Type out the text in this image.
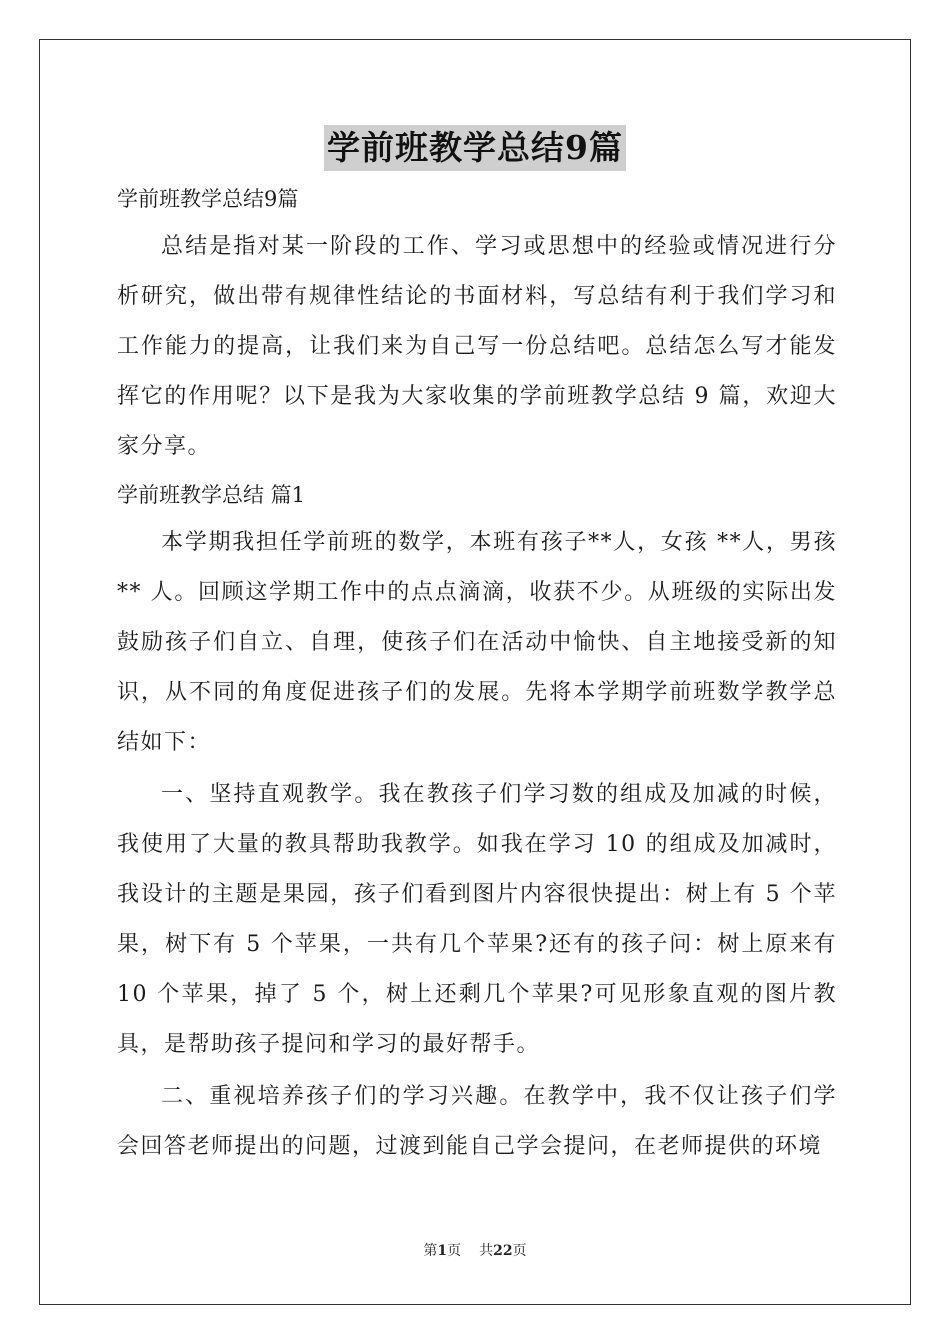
学前班教学总结9篇

学前班教学总结9篇

总结是指对某一阶段的工作、学习或思想中的经验或情况进行分析研究，做出带有规律性结论的书面材料，写总结有利于我们学习和工作能力的提高，让我们来为自己写一份总结吧。总结怎么写才能发挥它的作用呢？以下是我为大家收集的学前班教学总结 9 篇，欢迎大家分享。

学前班教学总结 篇1

本学期我担任学前班的数学，本班有孩子**人，女孩 **人，男孩** 人。回顾这学期工作中的点点滴滴，收获不少。从班级的实际出发鼓励孩子们自立、自理，使孩子们在活动中愉快、自主地接受新的知识，从不同的角度促进孩子们的发展。先将本学期学前班数学教学总结如下：

一、坚持直观教学。我在教孩子们学习数的组成及加减的时候，我使用了大量的教具帮助我教学。如我在学习 10 的组成及加减时，我设计的主题是果园，孩子们看到图片内容很快提出：树上有 5 个苹果，树下有 5 个苹果，一共有几个苹果?还有的孩子问：树上原来有10 个苹果，掉了 5 个，树上还剩几个苹果?可见形象直观的图片教具，是帮助孩子提问和学习的最好帮手。

二、重视培养孩子们的学习兴趣。在教学中，我不仅让孩子们学会回答老师提出的问题，过渡到能自己学会提问，在老师提供的环境

第1页 共22页
